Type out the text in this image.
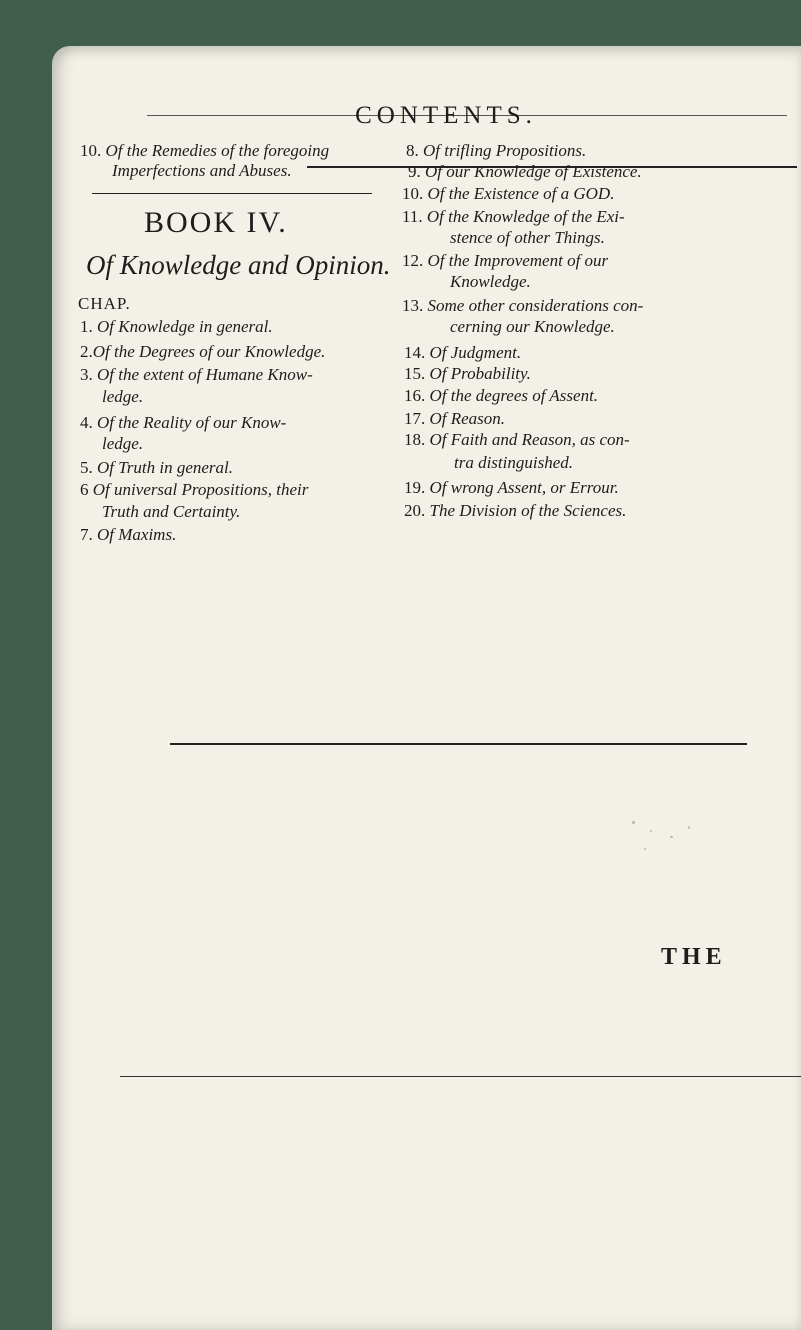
CONTENTS.
10. Of the Remedies of the foregoing
Imperfections and Abuses.
BOOK IV.
Of Knowledge and Opinion.
CHAP.
1. Of Knowledge in general.
2.Of the Degrees of our Knowledge.
3. Of the extent of Humane Know-
ledge.
4. Of the Reality of our Know-
ledge.
5. Of Truth in general.
6 Of universal Propositions, their
Truth and Certainty.
7. Of Maxims.
8. Of trifling Propositions.
9. Of our Knowledge of Existence.
10. Of the Existence of a GOD.
11. Of the Knowledge of the Exi-
stence of other Things.
12. Of the Improvement of our
Knowledge.
13. Some other considerations con-
cerning our Knowledge.
14. Of Judgment.
15. Of Probability.
16. Of the degrees of Assent.
17. Of Reason.
18. Of Faith and Reason, as con-
tra distinguished.
19. Of wrong Assent, or Errour.
20. The Division of the Sciences.
THE
